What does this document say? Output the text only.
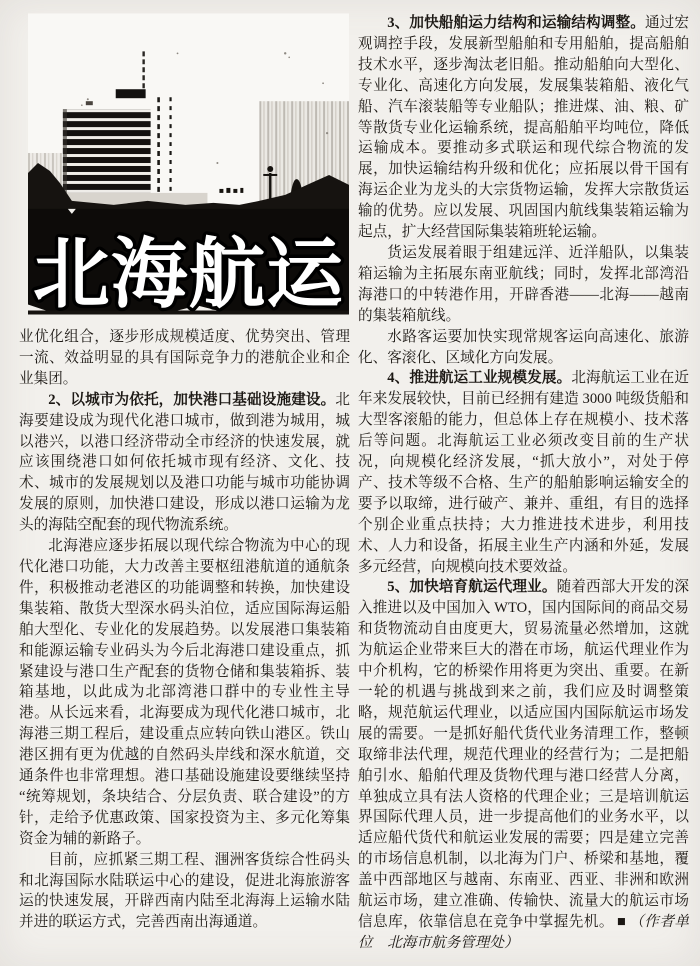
北海航运

业优化组合，逐步形成规模适度、优势突出、管理一流、效益明显的具有国际竞争力的港航企业和企业集团。

2、以城市为依托，加快港口基础设施建设。北海要建设成为现代化港口城市，做到港为城用，城以港兴，以港口经济带动全市经济的快速发展，就应该围绕港口如何依托城市现有经济、文化、技术、城市的发展规划以及港口功能与城市功能协调发展的原则，加快港口建设，形成以港口运输为龙头的海陆空配套的现代物流系统。

北海港应逐步拓展以现代综合物流为中心的现代化港口功能，大力改善主要枢纽港航道的通航条件，积极推动老港区的功能调整和转换，加快建设集装箱、散货大型深水码头泊位，适应国际海运船舶大型化、专业化的发展趋势。以发展港口集装箱和能源运输专业码头为今后北海港口建设重点，抓紧建设与港口生产配套的货物仓储和集装箱拆、装箱基地，以此成为北部湾港口群中的专业性主导港。从长远来看，北海要成为现代化港口城市，北海港三期工程后，建设重点应转向铁山港区。铁山港区拥有更为优越的自然码头岸线和深水航道，交通条件也非常理想。港口基础设施建设要继续坚持“统筹规划，条块结合、分层负责、联合建设”的方针，走给予优惠政策、国家投资为主、多元化筹集资金为辅的新路子。

目前，应抓紧三期工程、涠洲客货综合性码头和北海国际水陆联运中心的建设，促进北海旅游客运的快速发展，开辟西南内陆至北海海上运输水陆并进的联运方式，完善西南出海通道。

3、加快船舶运力结构和运输结构调整。通过宏观调控手段，发展新型船舶和专用船舶，提高船舶技术水平，逐步淘汰老旧船。推动船舶向大型化、专业化、高速化方向发展，发展集装箱船、液化气船、汽车滚装船等专业船队；推进煤、油、粮、矿等散货专业化运输系统，提高船舶平均吨位，降低运输成本。要推动多式联运和现代综合物流的发展，加快运输结构升级和优化；应拓展以骨干国有海运企业为龙头的大宗货物运输，发挥大宗散货运输的优势。应以发展、巩固国内航线集装箱运输为起点，扩大经营国际集装箱班轮运输。

货运发展着眼于组建远洋、近洋船队，以集装箱运输为主拓展东南亚航线；同时，发挥北部湾沿海港口的中转港作用，开辟香港——北海——越南的集装箱航线。

水路客运要加快实现常规客运向高速化、旅游化、客滚化、区域化方向发展。

4、推进航运工业规模发展。北海航运工业在近年来发展较快，目前已经拥有建造 3000 吨级货船和大型客滚船的能力，但总体上存在规模小、技术落后等问题。北海航运工业必须改变目前的生产状况，向规模化经济发展，“抓大放小”，对处于停产、技术等级不合格、生产的船舶影响运输安全的要予以取缔，进行破产、兼并、重组，有目的选择个别企业重点扶持；大力推进技术进步，利用技术、人力和设备，拓展主业生产内涵和外延，发展多元经营，向规模向技术要效益。

5、加快培育航运代理业。随着西部大开发的深入推进以及中国加入 WTO，国内国际间的商品交易和货物流动自由度更大，贸易流量必然增加，这就为航运企业带来巨大的潜在市场，航运代理业作为中介机构，它的桥梁作用将更为突出、重要。在新一轮的机遇与挑战到来之前，我们应及时调整策略，规范航运代理业，以适应国内国际航运市场发展的需要。一是抓好船代货代业务清理工作，整顿取缔非法代理，规范代理业的经营行为；二是把船舶引水、船舶代理及货物代理与港口经营人分离，单独成立具有法人资格的代理企业；三是培训航运界国际代理人员，进一步提高他们的业务水平，以适应船代货代和航运业发展的需要；四是建立完善的市场信息机制，以北海为门户、桥梁和基地，覆盖中西部地区与越南、东南亚、西亚、非洲和欧洲航运市场，建立准确、传输快、流量大的航运市场信息库，依靠信息在竞争中掌握先机。 ■ （作者单位　北海市航务管理处）
